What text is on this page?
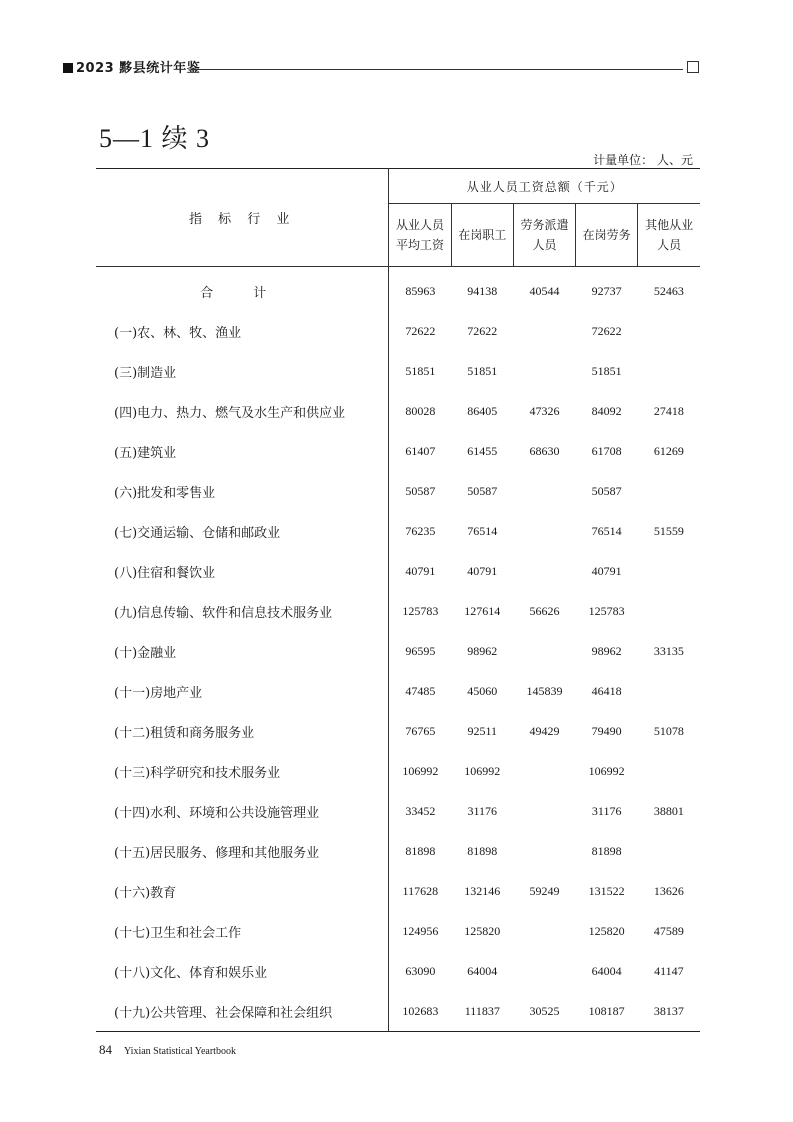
2023 黟县统计年鉴
5—1 续 3
计量单位： 人、元
指 标 行 业	从业人员工资总额（千元）				
	从业人员平均工资	在岗职工	劳务派遣人员	在岗劳务	其他从业人员
合 计	85963	94138	40544	92737	52463
(一)农、林、牧、渔业	72622	72622		72622	
(三)制造业	51851	51851		51851	
(四)电力、热力、燃气及水生产和供应业	80028	86405	47326	84092	27418
(五)建筑业	61407	61455	68630	61708	61269
(六)批发和零售业	50587	50587		50587	
(七)交通运输、仓储和邮政业	76235	76514		76514	51559
(八)住宿和餐饮业	40791	40791		40791	
(九)信息传输、软件和信息技术服务业	125783	127614	56626	125783	
(十)金融业	96595	98962		98962	33135
(十一)房地产业	47485	45060	145839	46418	
(十二)租赁和商务服务业	76765	92511	49429	79490	51078
(十三)科学研究和技术服务业	106992	106992		106992	
(十四)水利、环境和公共设施管理业	33452	31176		31176	38801
(十五)居民服务、修理和其他服务业	81898	81898		81898	
(十六)教育	117628	132146	59249	131522	13626
(十七)卫生和社会工作	124956	125820		125820	47589
(十八)文化、体育和娱乐业	63090	64004		64004	41147
(十九)公共管理、社会保障和社会组织	102683	111837	30525	108187	38137
84 Yixian Statistical Yeartbook
